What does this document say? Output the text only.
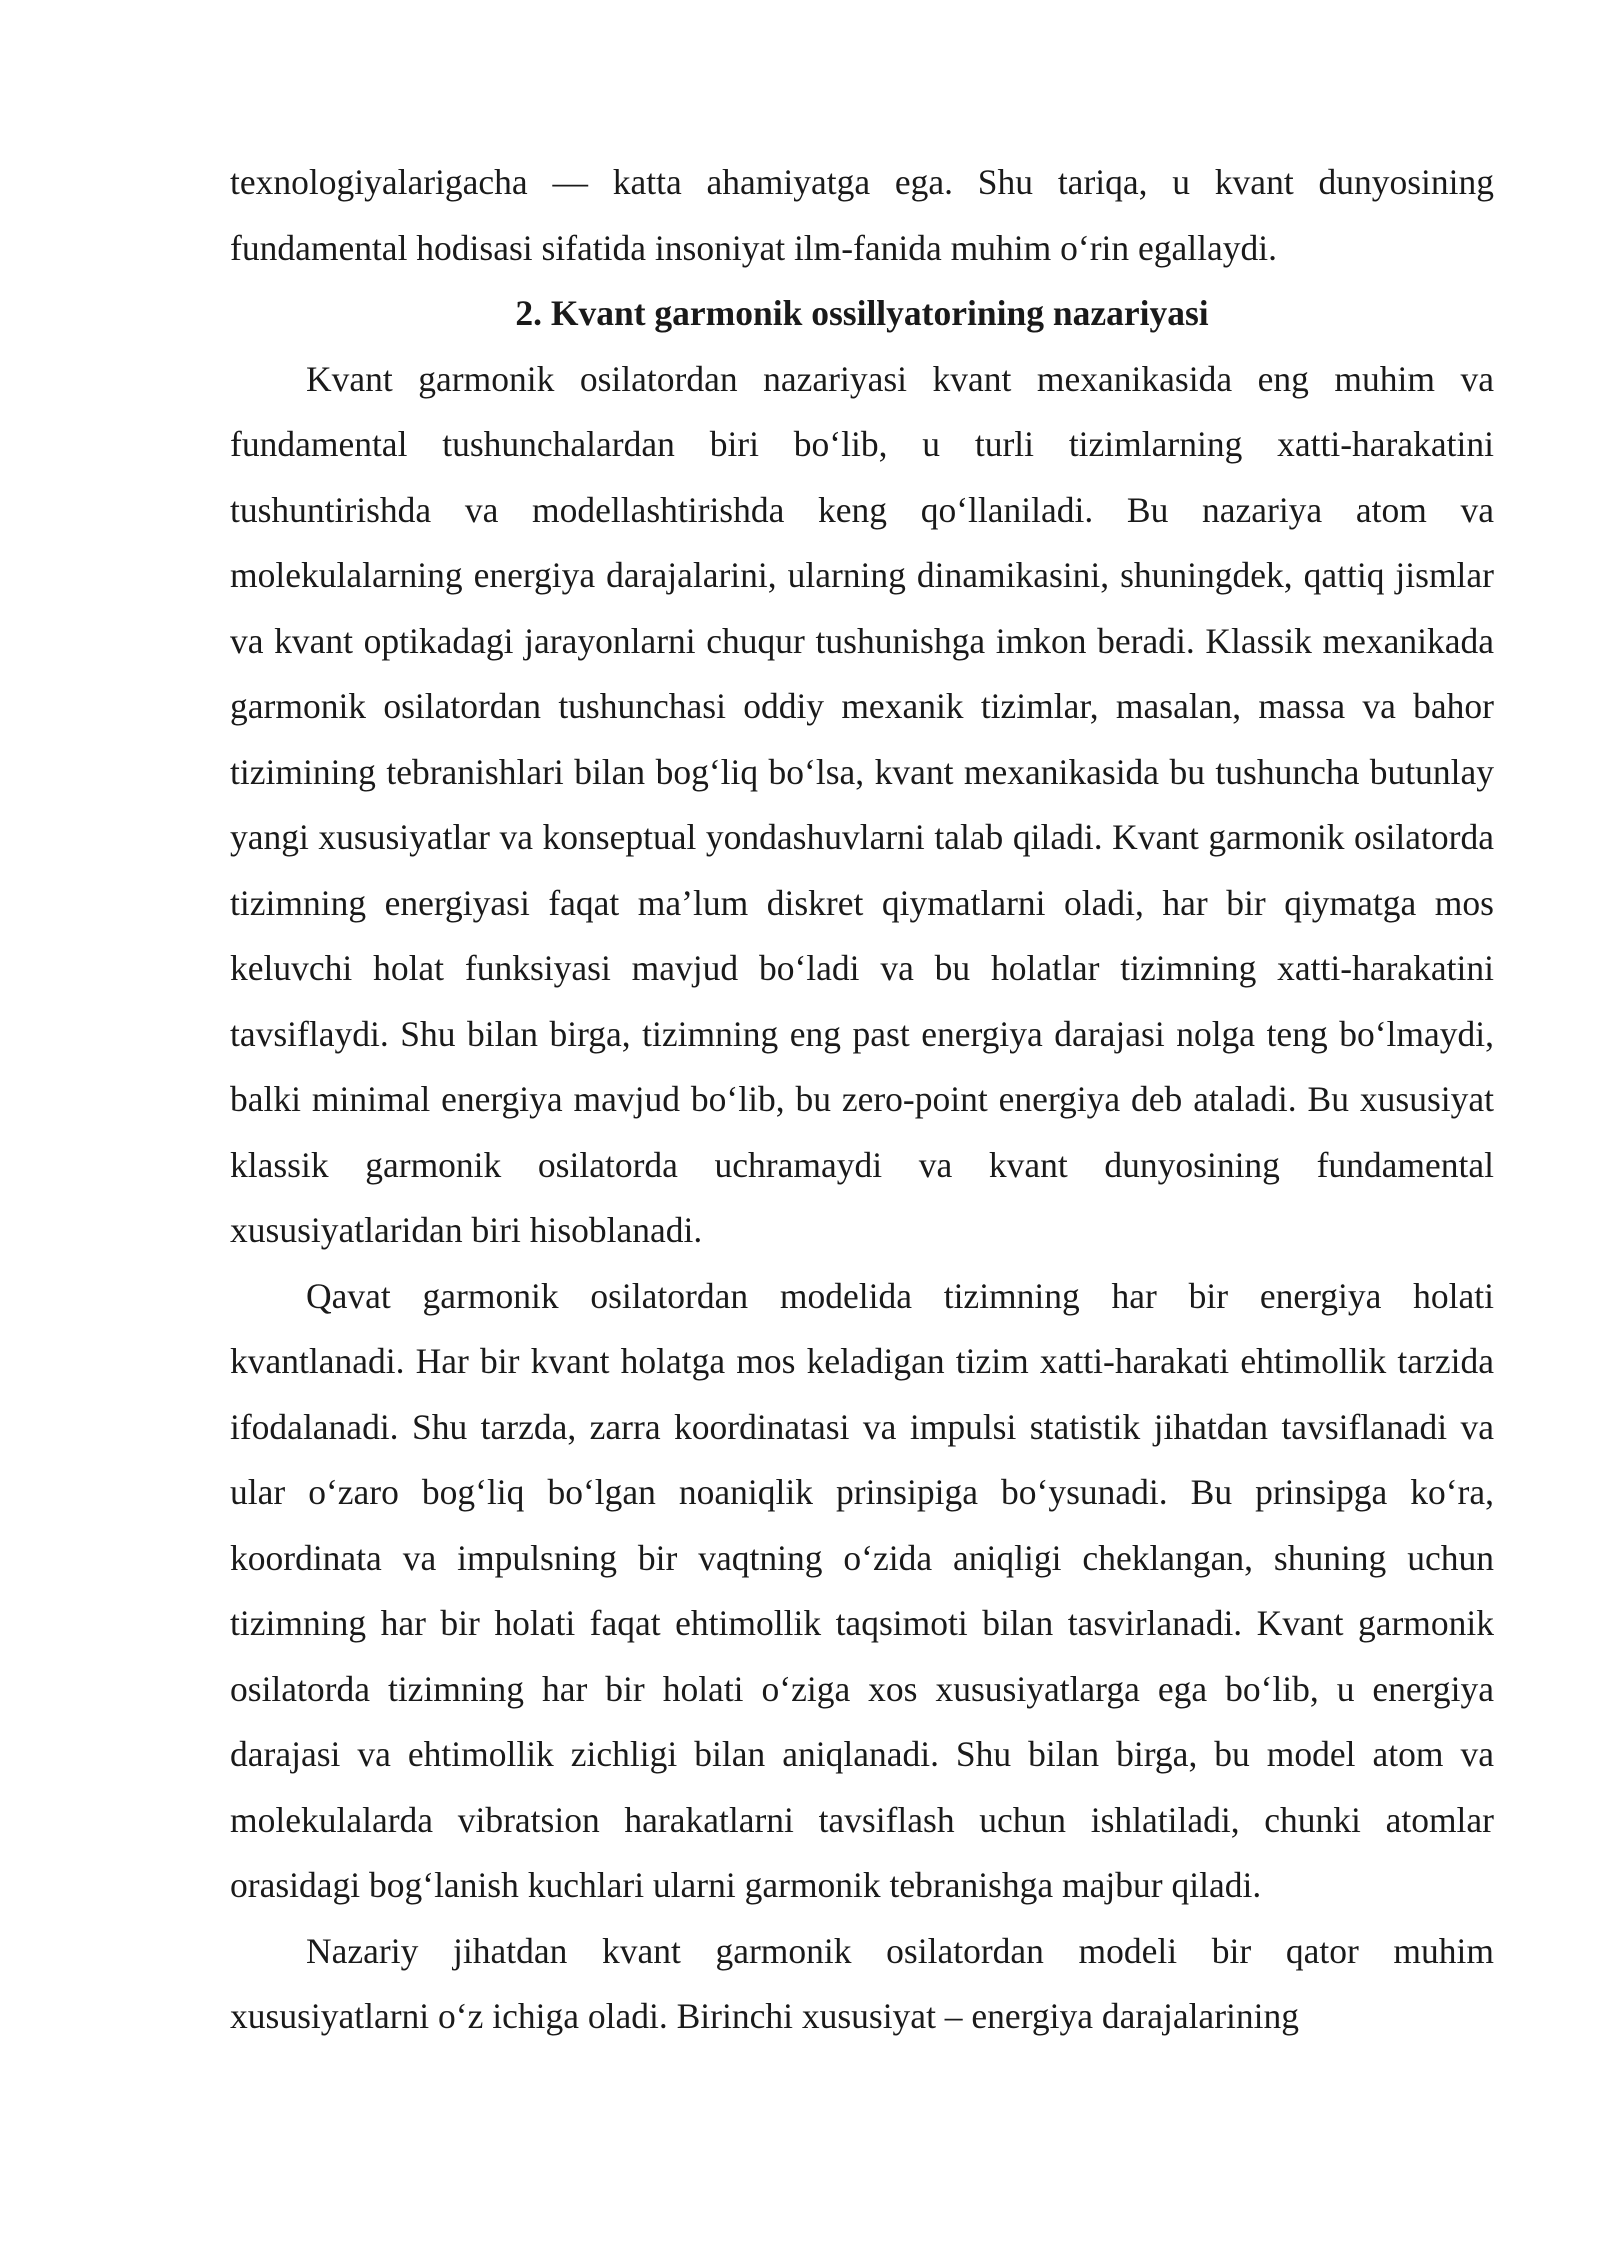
texnologiyalarigacha — katta ahamiyatga ega. Shu tariqa, u kvant dunyosining fundamental hodisasi sifatida insoniyat ilm-fanida muhim o‘rin egallaydi.

2. Kvant garmonik ossillyatorining nazariyasi

Kvant garmonik osilatordan nazariyasi kvant mexanikasida eng muhim va fundamental tushunchalardan biri bo‘lib, u turli tizimlarning xatti-harakatini tushuntirishda va modellashtirishda keng qo‘llaniladi. Bu nazariya atom va molekulalarning energiya darajalarini, ularning dinamikasini, shuningdek, qattiq jismlar va kvant optikadagi jarayonlarni chuqur tushunishga imkon beradi. Klassik mexanikada garmonik osilatordan tushunchasi oddiy mexanik tizimlar, masalan, massa va bahor tizimining tebranishlari bilan bog‘liq bo‘lsa, kvant mexanikasida bu tushuncha butunlay yangi xususiyatlar va konseptual yondashuvlarni talab qiladi. Kvant garmonik osilatorda tizimning energiyasi faqat ma’lum diskret qiymatlarni oladi, har bir qiymatga mos keluvchi holat funksiyasi mavjud bo‘ladi va bu holatlar tizimning xatti-harakatini tavsiflaydi. Shu bilan birga, tizimning eng past energiya darajasi nolga teng bo‘lmaydi, balki minimal energiya mavjud bo‘lib, bu zero-point energiya deb ataladi. Bu xususiyat klassik garmonik osilatorda uchramaydi va kvant dunyosining fundamental xususiyatlaridan biri hisoblanadi.

Qavat garmonik osilatordan modelida tizimning har bir energiya holati kvantlanadi. Har bir kvant holatga mos keladigan tizim xatti-harakati ehtimollik tarzida ifodalanadi. Shu tarzda, zarra koordinatasi va impulsi statistik jihatdan tavsiflanadi va ular o‘zaro bog‘liq bo‘lgan noaniqlik prinsipiga bo‘ysunadi. Bu prinsipga ko‘ra, koordinata va impulsning bir vaqtning o‘zida aniqligi cheklangan, shuning uchun tizimning har bir holati faqat ehtimollik taqsimoti bilan tasvirlanadi. Kvant garmonik osilatorda tizimning har bir holati o‘ziga xos xususiyatlarga ega bo‘lib, u energiya darajasi va ehtimollik zichligi bilan aniqlanadi. Shu bilan birga, bu model atom va molekulalarda vibratsion harakatlarni tavsiflash uchun ishlatiladi, chunki atomlar orasidagi bog‘lanish kuchlari ularni garmonik tebranishga majbur qiladi.

Nazariy jihatdan kvant garmonik osilatordan modeli bir qator muhim xususiyatlarni o‘z ichiga oladi. Birinchi xususiyat – energiya darajalarining
